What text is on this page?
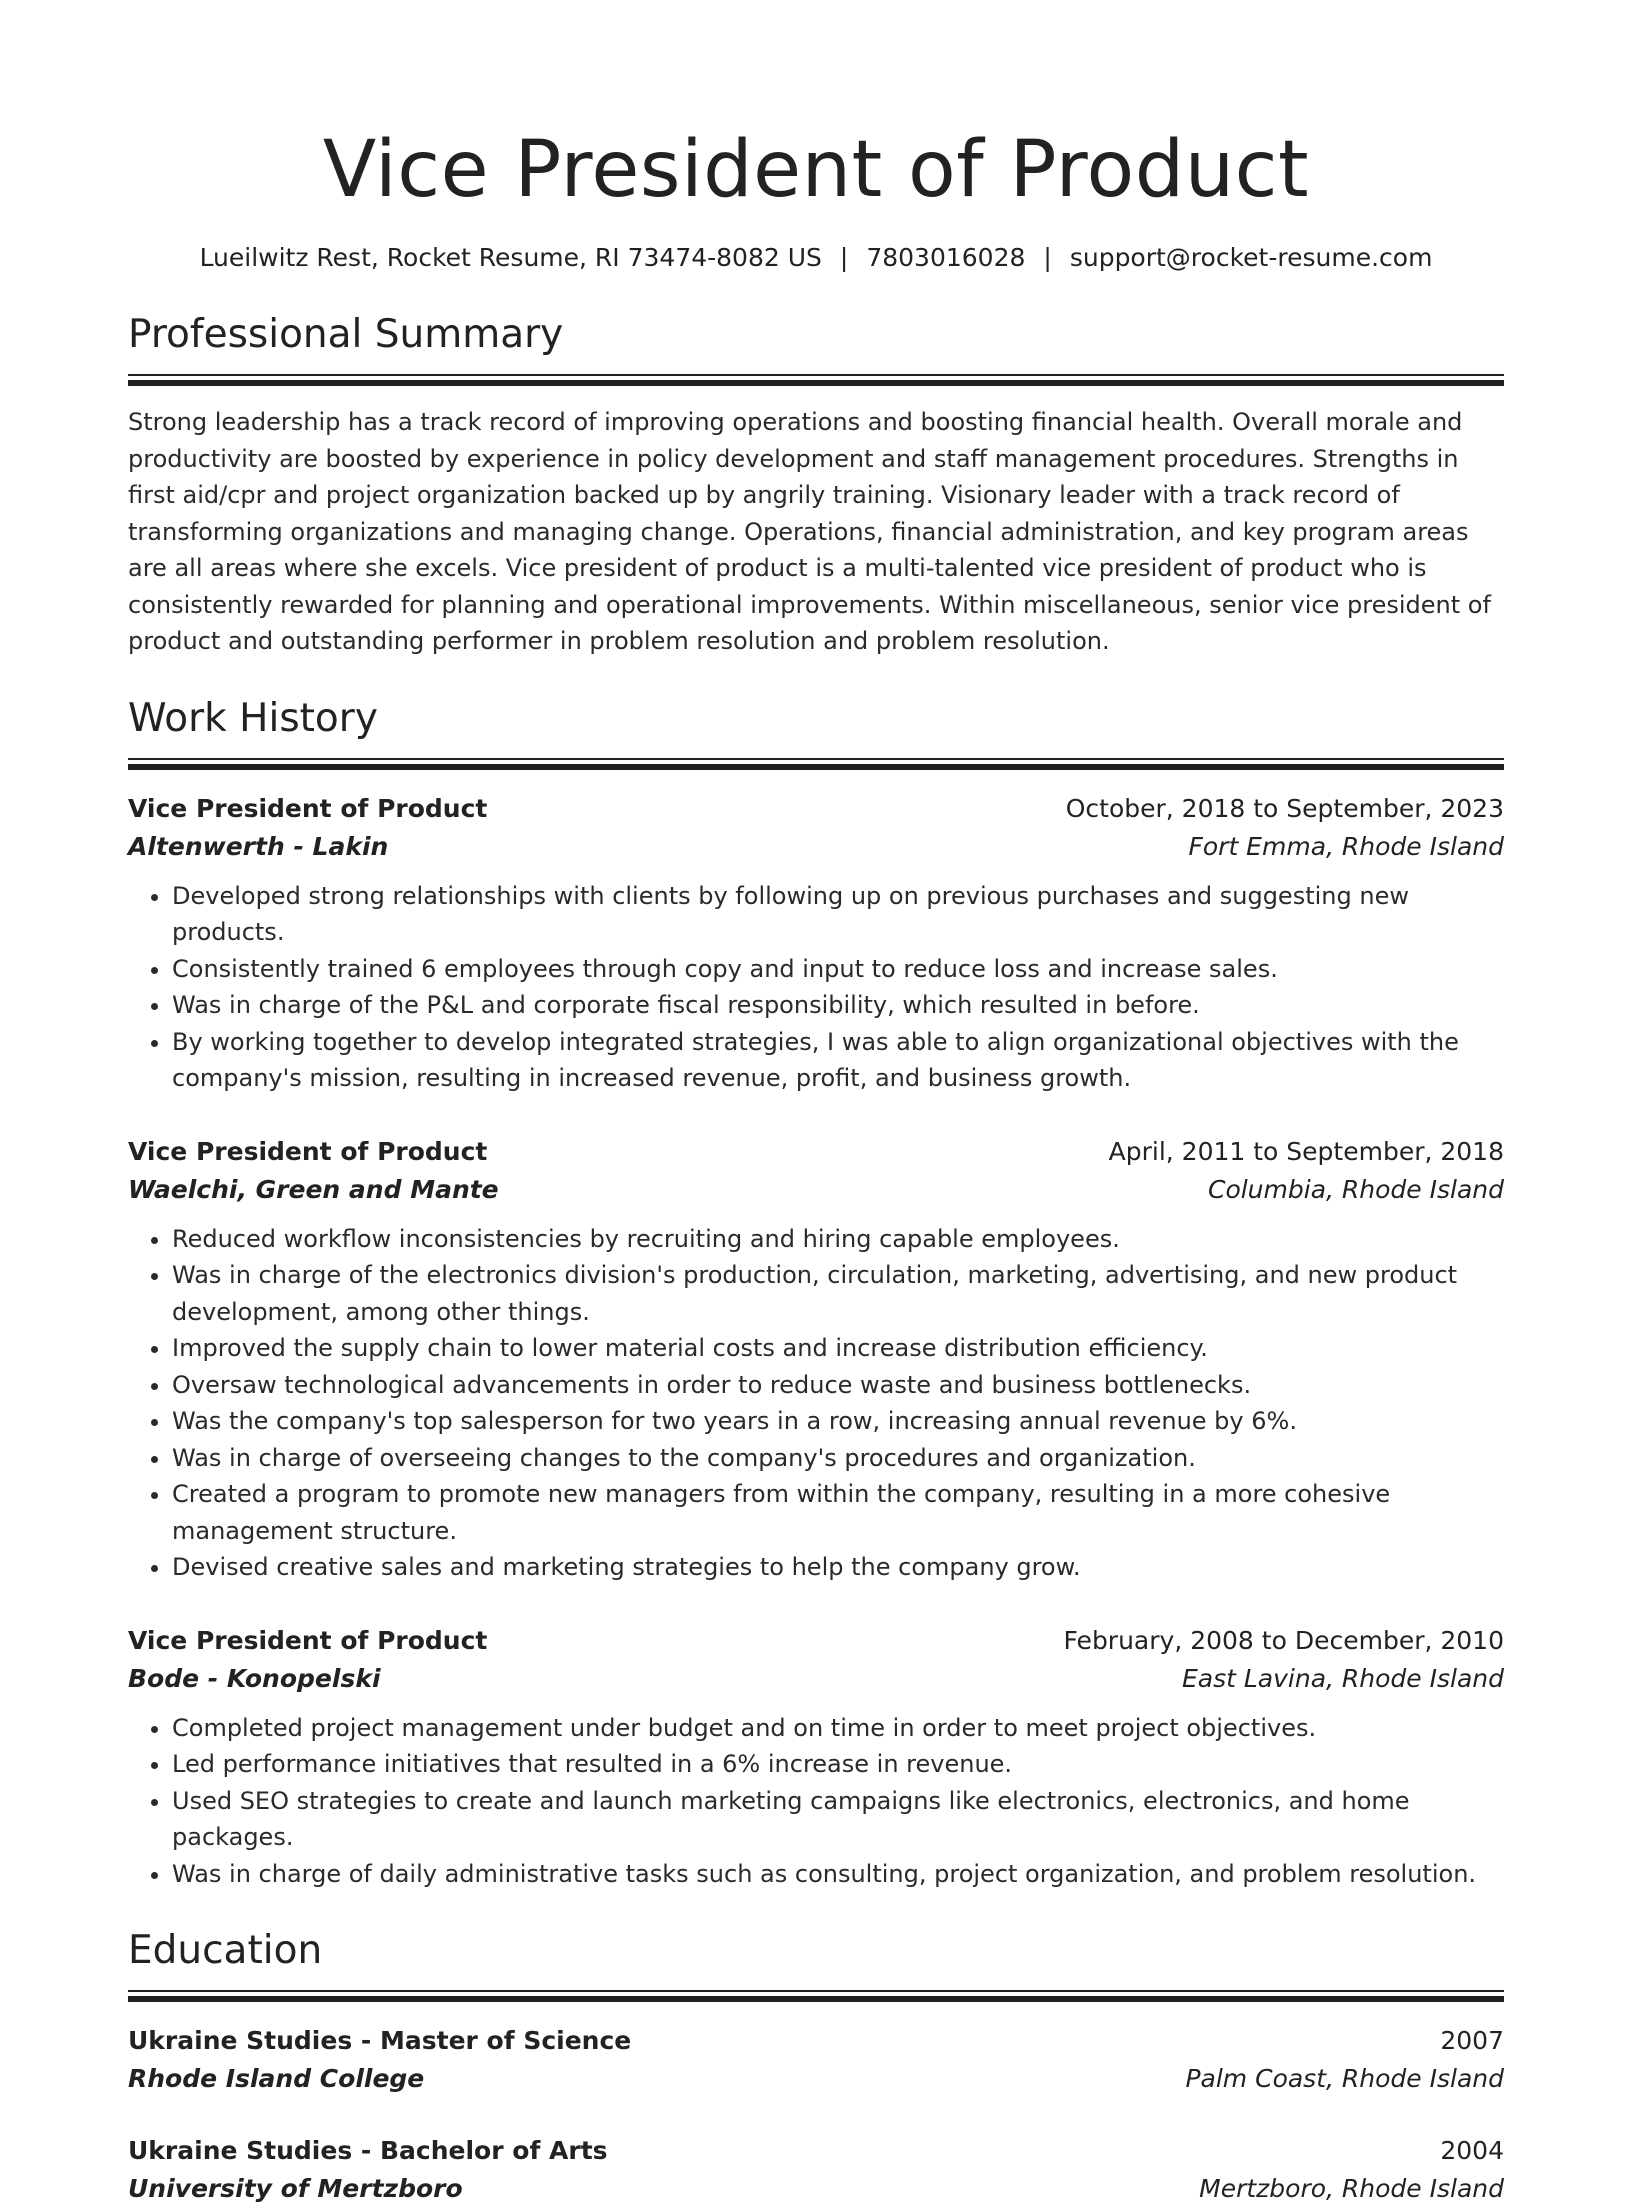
Vice President of Product
Lueilwitz Rest, Rocket Resume, RI 73474-8082 US | 7803016028 | support@rocket-resume.com
Professional Summary
Strong leadership has a track record of improving operations and boosting financial health. Overall morale and productivity are boosted by experience in policy development and staff management procedures. Strengths in first aid/cpr and project organization backed up by angrily training. Visionary leader with a track record of transforming organizations and managing change. Operations, financial administration, and key program areas are all areas where she excels. Vice president of product is a multi-talented vice president of product who is consistently rewarded for planning and operational improvements. Within miscellaneous, senior vice president of product and outstanding performer in problem resolution and problem resolution.
Work History
Vice President of Product	October, 2018 to September, 2023
Altenwerth - Lakin	Fort Emma, Rhode Island
• Developed strong relationships with clients by following up on previous purchases and suggesting new products.
• Consistently trained 6 employees through copy and input to reduce loss and increase sales.
• Was in charge of the P&L and corporate fiscal responsibility, which resulted in before.
• By working together to develop integrated strategies, I was able to align organizational objectives with the company's mission, resulting in increased revenue, profit, and business growth.
Vice President of Product	April, 2011 to September, 2018
Waelchi, Green and Mante	Columbia, Rhode Island
• Reduced workflow inconsistencies by recruiting and hiring capable employees.
• Was in charge of the electronics division's production, circulation, marketing, advertising, and new product development, among other things.
• Improved the supply chain to lower material costs and increase distribution efficiency.
• Oversaw technological advancements in order to reduce waste and business bottlenecks.
• Was the company's top salesperson for two years in a row, increasing annual revenue by 6%.
• Was in charge of overseeing changes to the company's procedures and organization.
• Created a program to promote new managers from within the company, resulting in a more cohesive management structure.
• Devised creative sales and marketing strategies to help the company grow.
Vice President of Product	February, 2008 to December, 2010
Bode - Konopelski	East Lavina, Rhode Island
• Completed project management under budget and on time in order to meet project objectives.
• Led performance initiatives that resulted in a 6% increase in revenue.
• Used SEO strategies to create and launch marketing campaigns like electronics, electronics, and home packages.
• Was in charge of daily administrative tasks such as consulting, project organization, and problem resolution.
Education
Ukraine Studies - Master of Science	2007
Rhode Island College	Palm Coast, Rhode Island
Ukraine Studies - Bachelor of Arts	2004
University of Mertzboro	Mertzboro, Rhode Island
